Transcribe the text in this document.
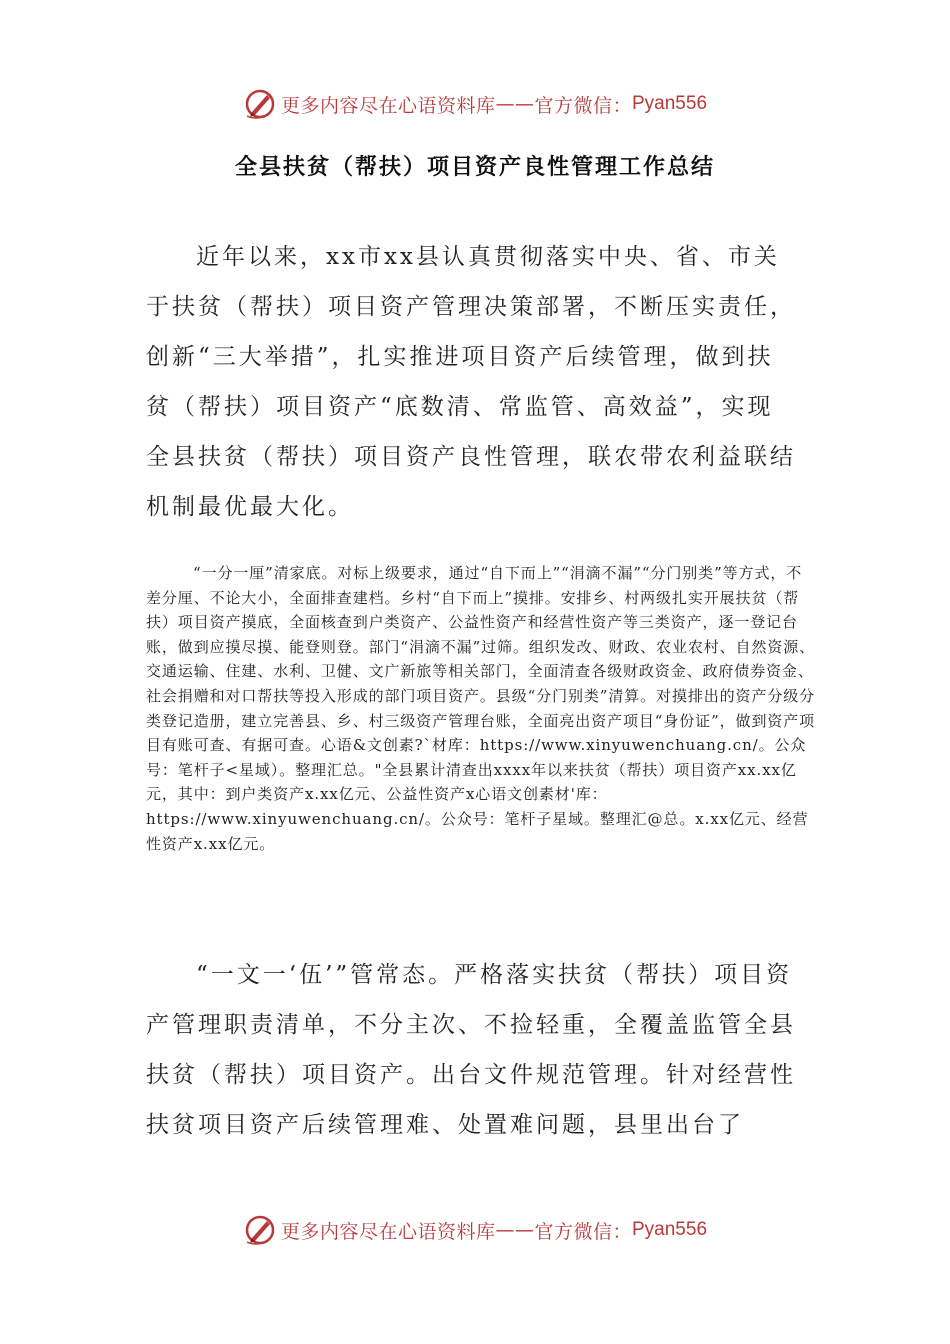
更多内容尽在心语资料库 —— 官方微信： Pyan556
全县扶贫（帮扶）项目资产良性管理工作总结

近年以来，xx市xx县认真贯彻落实中央、省、市关于扶贫（帮扶）项目资产管理决策部署，不断压实责任，创新“三大举措”，扎实推进项目资产后续管理，做到扶贫（帮扶）项目资产“底数清、常监管、高效益”，实现全县扶贫（帮扶）项目资产良性管理，联农带农利益联结机制最优最大化。

“一分一厘”清家底。对标上级要求，通过“自下而上”“涓滴不漏”“分门别类”等方式，不差分厘、不论大小，全面排查建档。乡村“自下而上”摸排。安排乡、村两级扎实开展扶贫（帮扶）项目资产摸底，全面核查到户类资产、公益性资产和经营性资产等三类资产，逐一登记台账，做到应摸尽摸、能登则登。部门“涓滴不漏”过筛。组织发改、财政、农业农村、自然资源、交通运输、住建、水利、卫健、文广新旅等相关部门，全面清查各级财政资金、政府债券资金、社会捐赠和对口帮扶等投入形成的部门项目资产。县级“分门别类”清算。对摸排出的资产分级分类登记造册，建立完善县、乡、村三级资产管理台账，全面亮出资产项目“身份证”，做到资产项目有账可查、有据可查。心语&文创素?`材库：https://www.xinyuwenchuang.cn/。公众号：笔杆子<星域）。整理汇总。"全县累计清查出xxxx年以来扶贫（帮扶）项目资产xx.xx亿元，其中：到户类资产x.xx亿元、公益性资产x心语文创素材'库：https://www.xinyuwenchuang.cn/。公众号：笔杆子星域。整理汇@总。x.xx亿元、经营性资产x.xx亿元。

“一文一‘伍’”管常态。严格落实扶贫（帮扶）项目资产管理职责清单，不分主次、不捡轻重，全覆盖监管全县扶贫（帮扶）项目资产。出台文件规范管理。针对经营性扶贫项目资产后续管理难、处置难问题，县里出台了

更多内容尽在心语资料库 —— 官方微信： Pyan556
